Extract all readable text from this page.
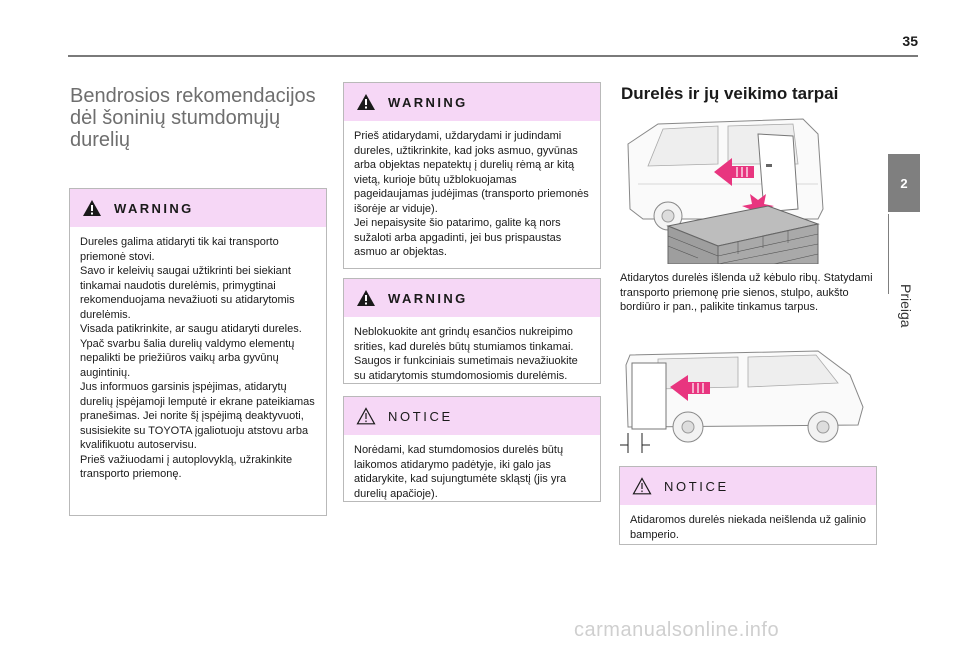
35
2
Prieiga
Bendrosios rekomendacijos dėl šoninių stumdomųjų durelių
WARNING
Dureles galima atidaryti tik kai transporto priemonė stovi.
Savo ir keleivių saugai užtikrinti bei siekiant tinkamai naudotis durelėmis, primygtinai rekomenduojama nevažiuoti su atidarytomis durelėmis.
Visada patikrinkite, ar saugu atidaryti dureles. Ypač svarbu šalia durelių valdymo elementų nepalikti be priežiūros vaikų arba gyvūnų augintinių.
Jus informuos garsinis įspėjimas, atidarytų durelių įspėjamoji lemputė ir ekrane pateikiamas pranešimas. Jei norite šį įspėjimą deaktyvuoti, susisiekite su TOYOTA įgaliotuoju atstovu arba kvalifikuotu autoservisu.
Prieš važiuodami į autoplovyklą, užrakinkite transporto priemonę.
WARNING
Prieš atidarydami, uždarydami ir judindami dureles, užtikrinkite, kad joks asmuo, gyvūnas arba objektas nepatektų į durelių rėmą ar kitą vietą, kurioje būtų užblokuojamas pageidaujamas judėjimas (transporto priemonės išorėje ar viduje).
Jei nepaisysite šio patarimo, galite ką nors sužaloti arba apgadinti, jei bus prispaustas asmuo ar objektas.
WARNING
Neblokuokite ant grindų esančios nukreipimo srities, kad durelės būtų stumiamos tinkamai. Saugos ir funkciniais sumetimais nevažiuokite su atidarytomis stumdomosiomis durelėmis.
NOTICE
Norėdami, kad stumdomosios durelės būtų laikomos atidarymo padėtyje, iki galo jas atidarykite, kad sujungtumėte skląstį (jis yra durelių apačioje).
Durelės ir jų veikimo tarpai
Atidarytos durelės išlenda už kėbulo ribų. Statydami transporto priemonę prie sienos, stulpo, aukšto bordiūro ir pan., palikite tinkamus tarpus.
NOTICE
Atidaromos durelės niekada neišlenda už galinio bamperio.
carmanualsonline.info
